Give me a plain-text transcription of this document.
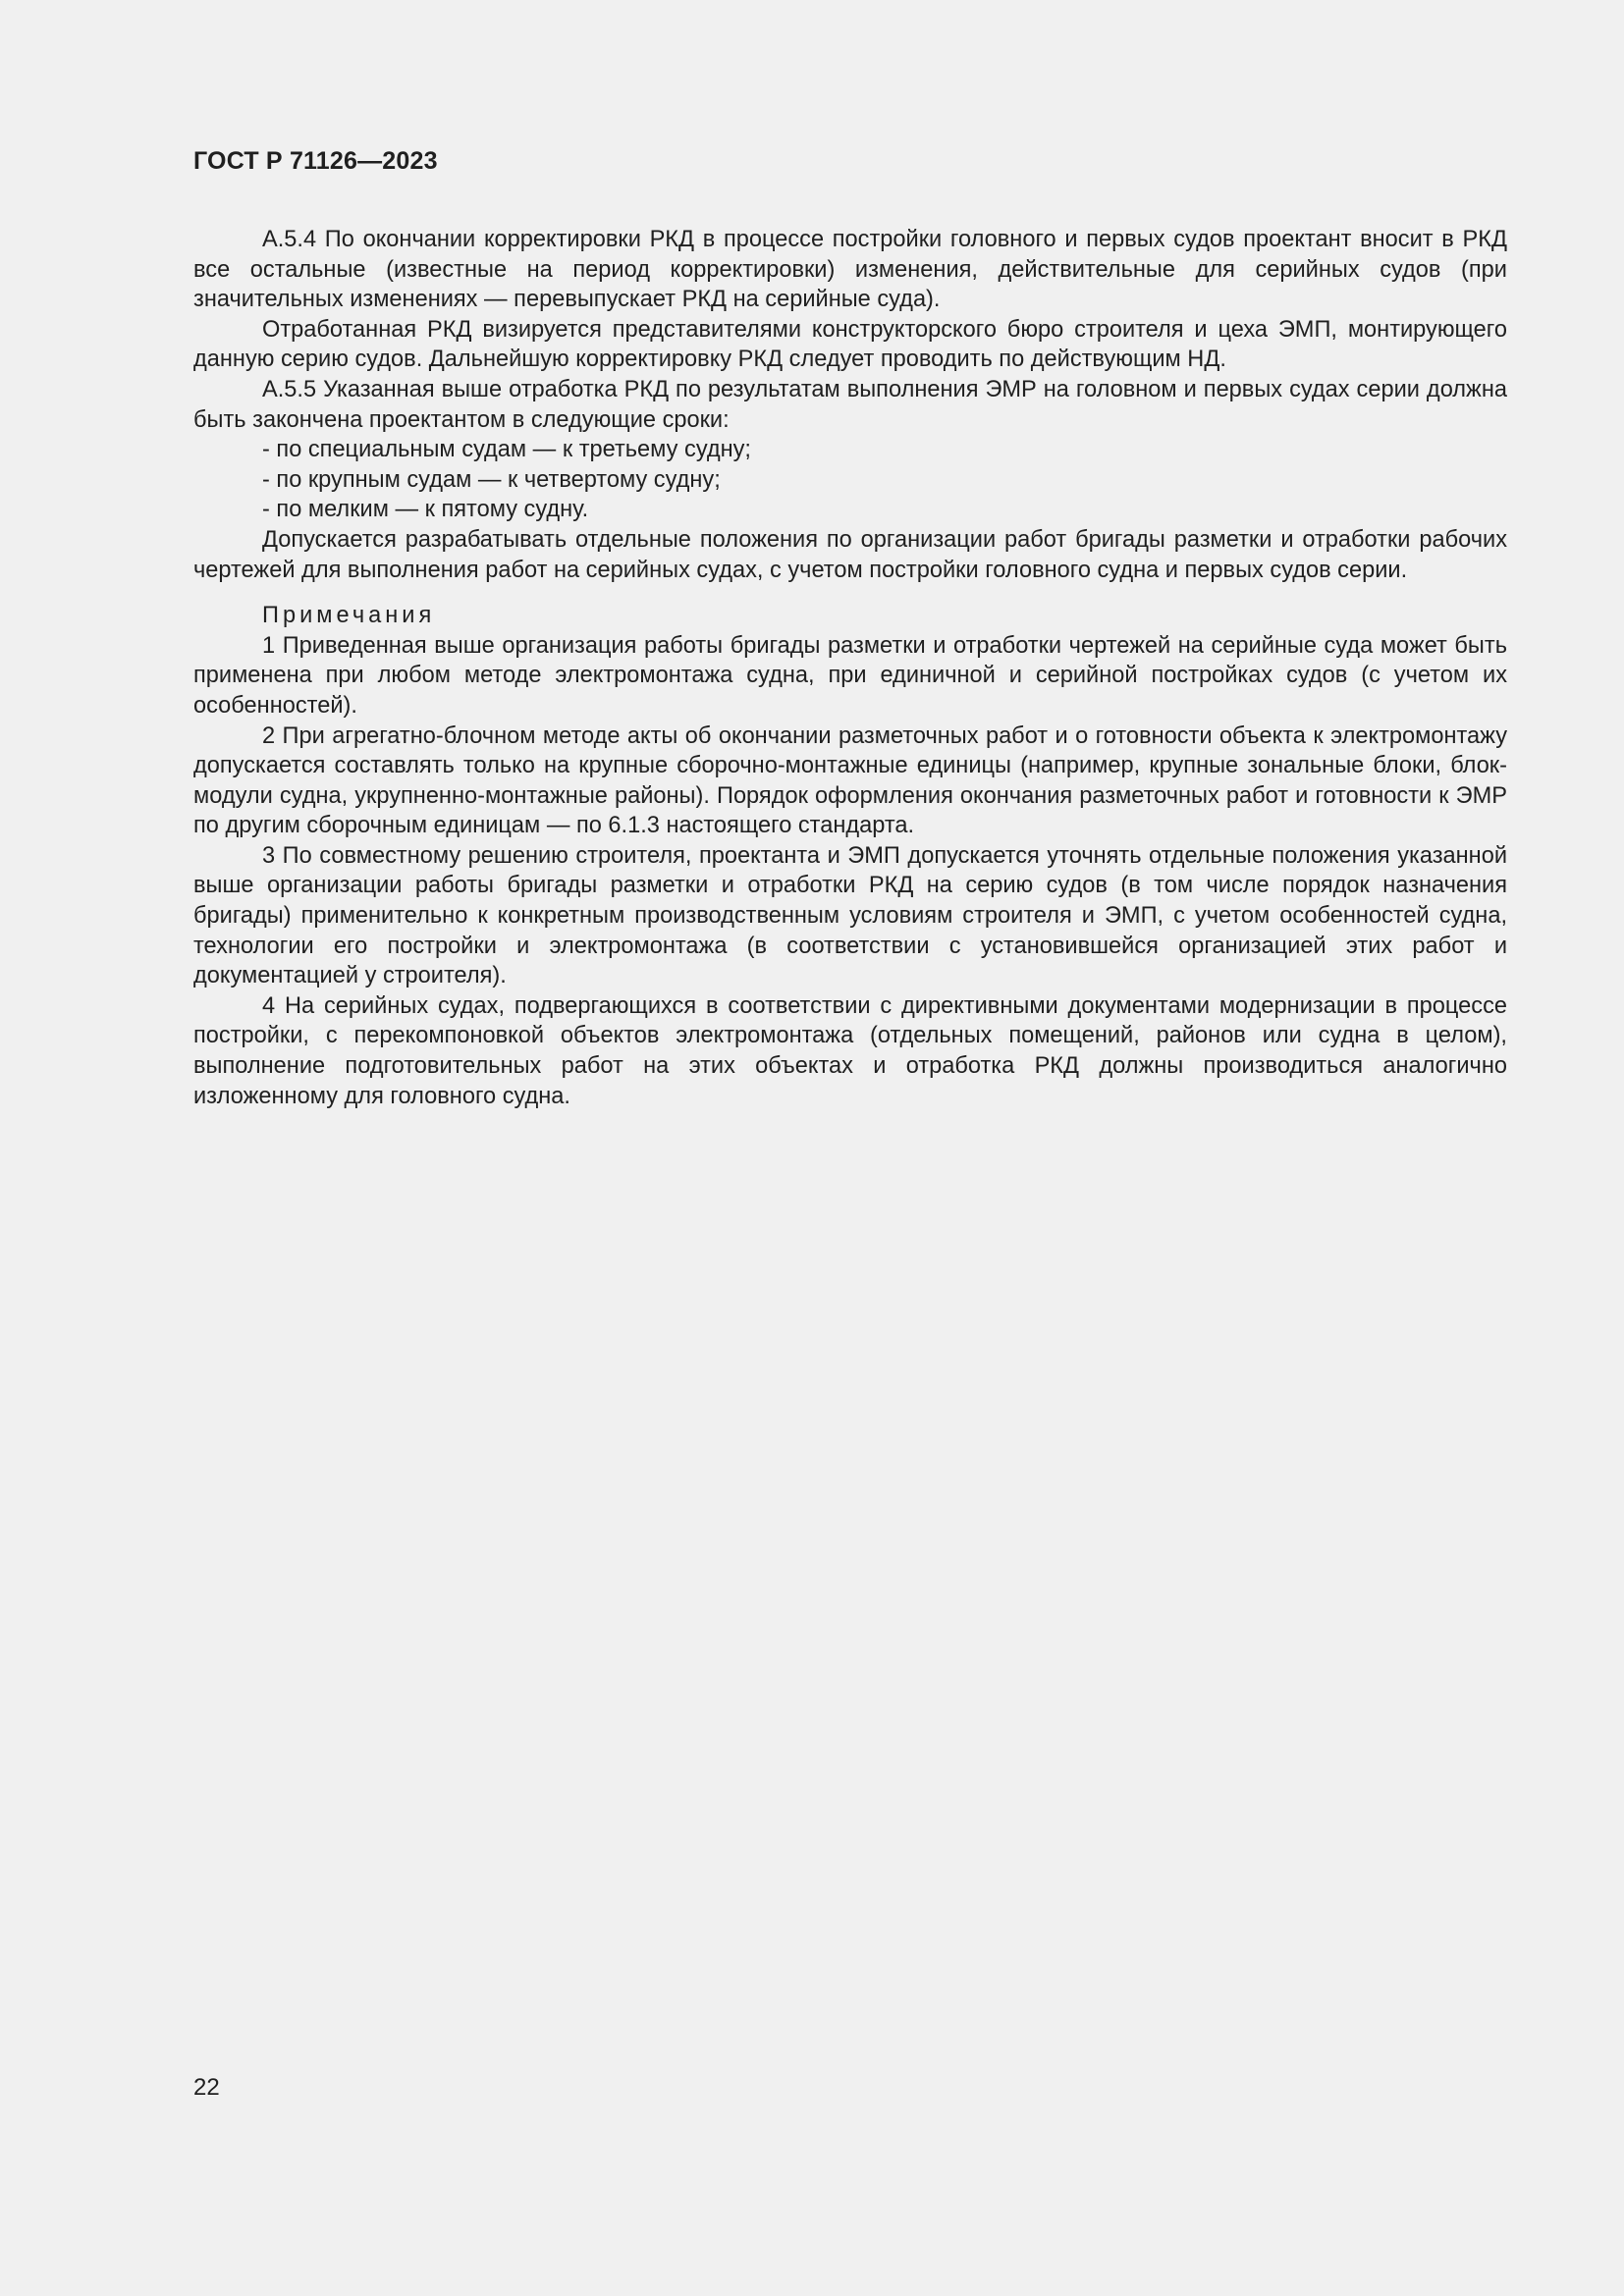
ГОСТ Р 71126—2023

А.5.4 По окончании корректировки РКД в процессе постройки головного и первых судов проектант вносит в РКД все остальные (известные на период корректировки) изменения, действительные для серийных судов (при значительных изменениях — перевыпускает РКД на серийные суда).

Отработанная РКД визируется представителями конструкторского бюро строителя и цеха ЭМП, монтирующего данную серию судов. Дальнейшую корректировку РКД следует проводить по действующим НД.

А.5.5 Указанная выше отработка РКД по результатам выполнения ЭМР на головном и первых судах серии должна быть закончена проектантом в следующие сроки:

- по специальным судам — к третьему судну;

- по крупным судам — к четвертому судну;

- по мелким — к пятому судну.

Допускается разрабатывать отдельные положения по организации работ бригады разметки и отработки рабочих чертежей для выполнения работ на серийных судах, с учетом постройки головного судна и первых судов серии.

Примечания

1 Приведенная выше организация работы бригады разметки и отработки чертежей на серийные суда может быть применена при любом методе электромонтажа судна, при единичной и серийной постройках судов (с учетом их особенностей).

2 При агрегатно-блочном методе акты об окончании разметочных работ и о готовности объекта к электромонтажу допускается составлять только на крупные сборочно-монтажные единицы (например, крупные зональные блоки, блок-модули судна, укрупненно-монтажные районы). Порядок оформления окончания разметочных работ и готовности к ЭМР по другим сборочным единицам — по 6.1.3 настоящего стандарта.

3 По совместному решению строителя, проектанта и ЭМП допускается уточнять отдельные положения указанной выше организации работы бригады разметки и отработки РКД на серию судов (в том числе порядок назначения бригады) применительно к конкретным производственным условиям строителя и ЭМП, с учетом особенностей судна, технологии его постройки и электромонтажа (в соответствии с установившейся организацией этих работ и документацией у строителя).

4 На серийных судах, подвергающихся в соответствии с директивными документами модернизации в процессе постройки, с перекомпоновкой объектов электромонтажа (отдельных помещений, районов или судна в целом), выполнение подготовительных работ на этих объектах и отработка РКД должны производиться аналогично изложенному для головного судна.

22
